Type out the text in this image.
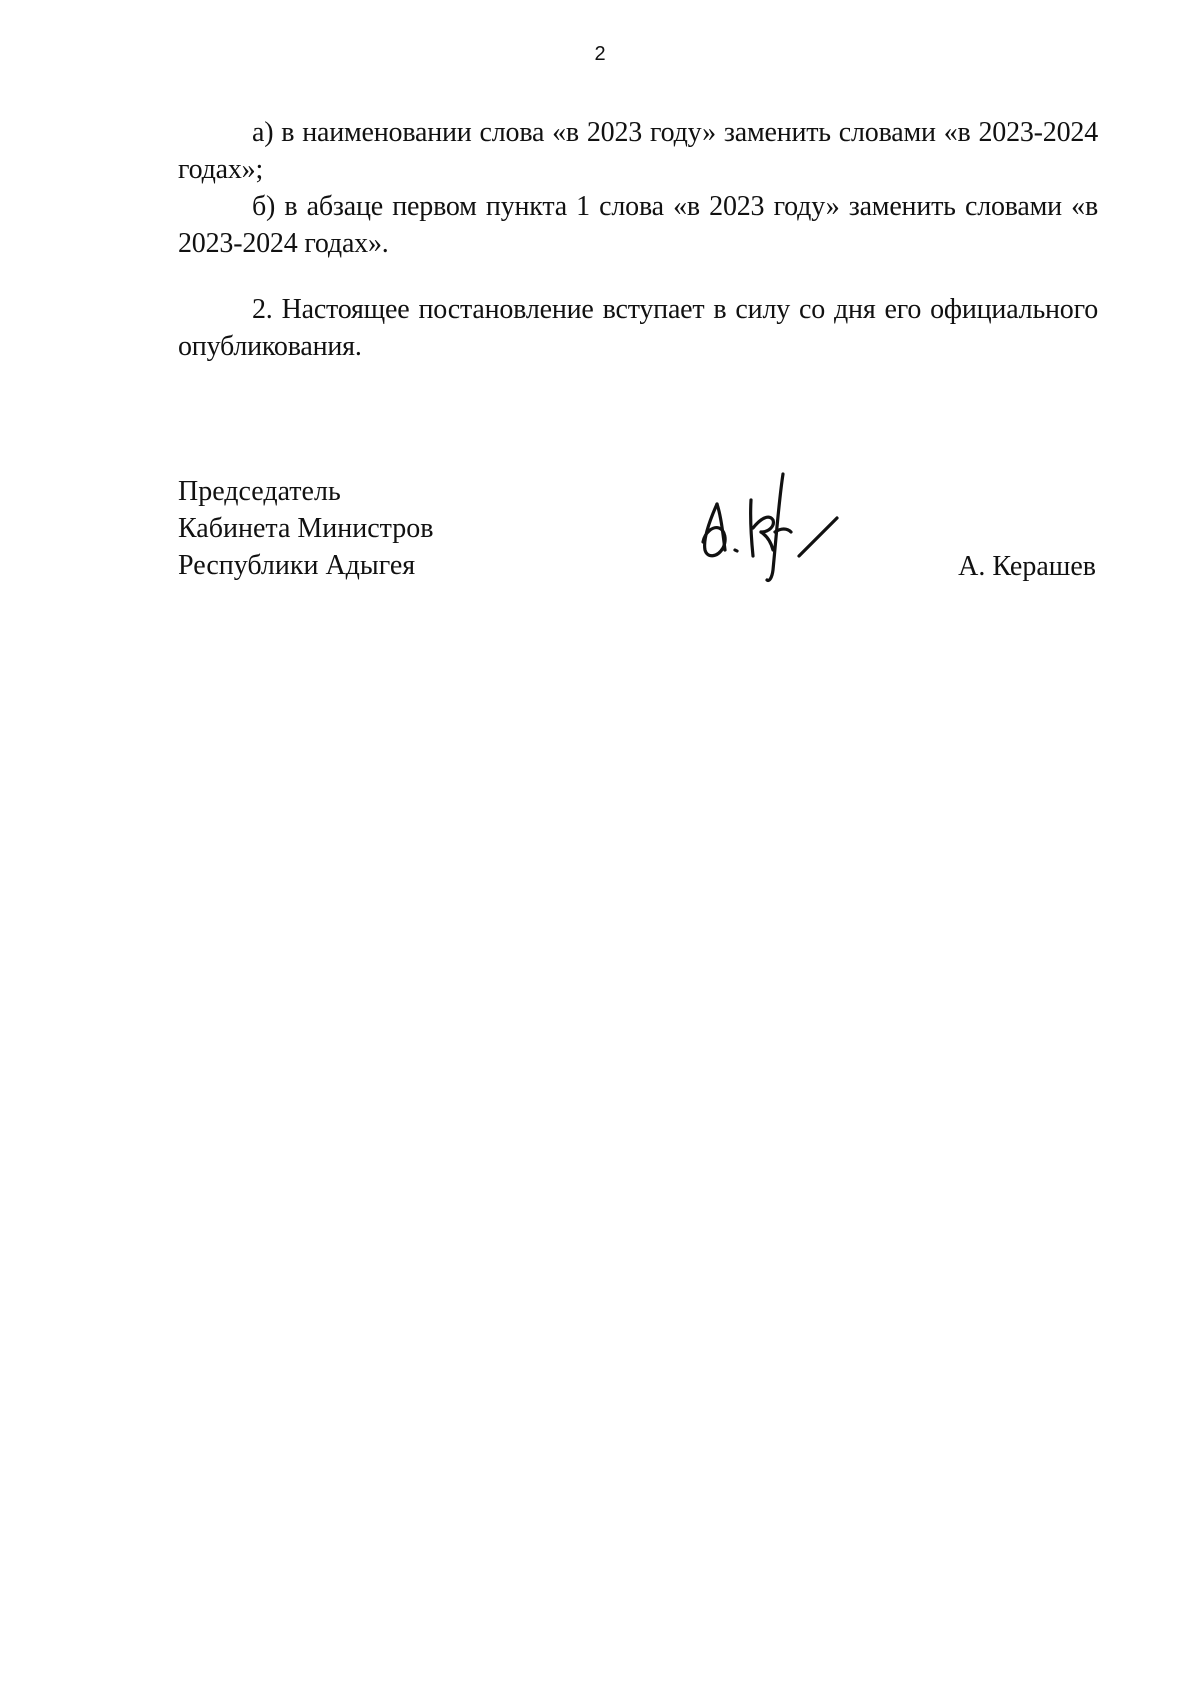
2

а) в наименовании слова «в 2023 году» заменить словами «в 2023-2024 годах»;

б) в абзаце первом пункта 1 слова «в 2023 году» заменить словами «в 2023-2024 годах».

2. Настоящее постановление вступает в силу со дня его официального опубликования.

Председатель
Кабинета Министров
Республики Адыгея	А. Керашев
